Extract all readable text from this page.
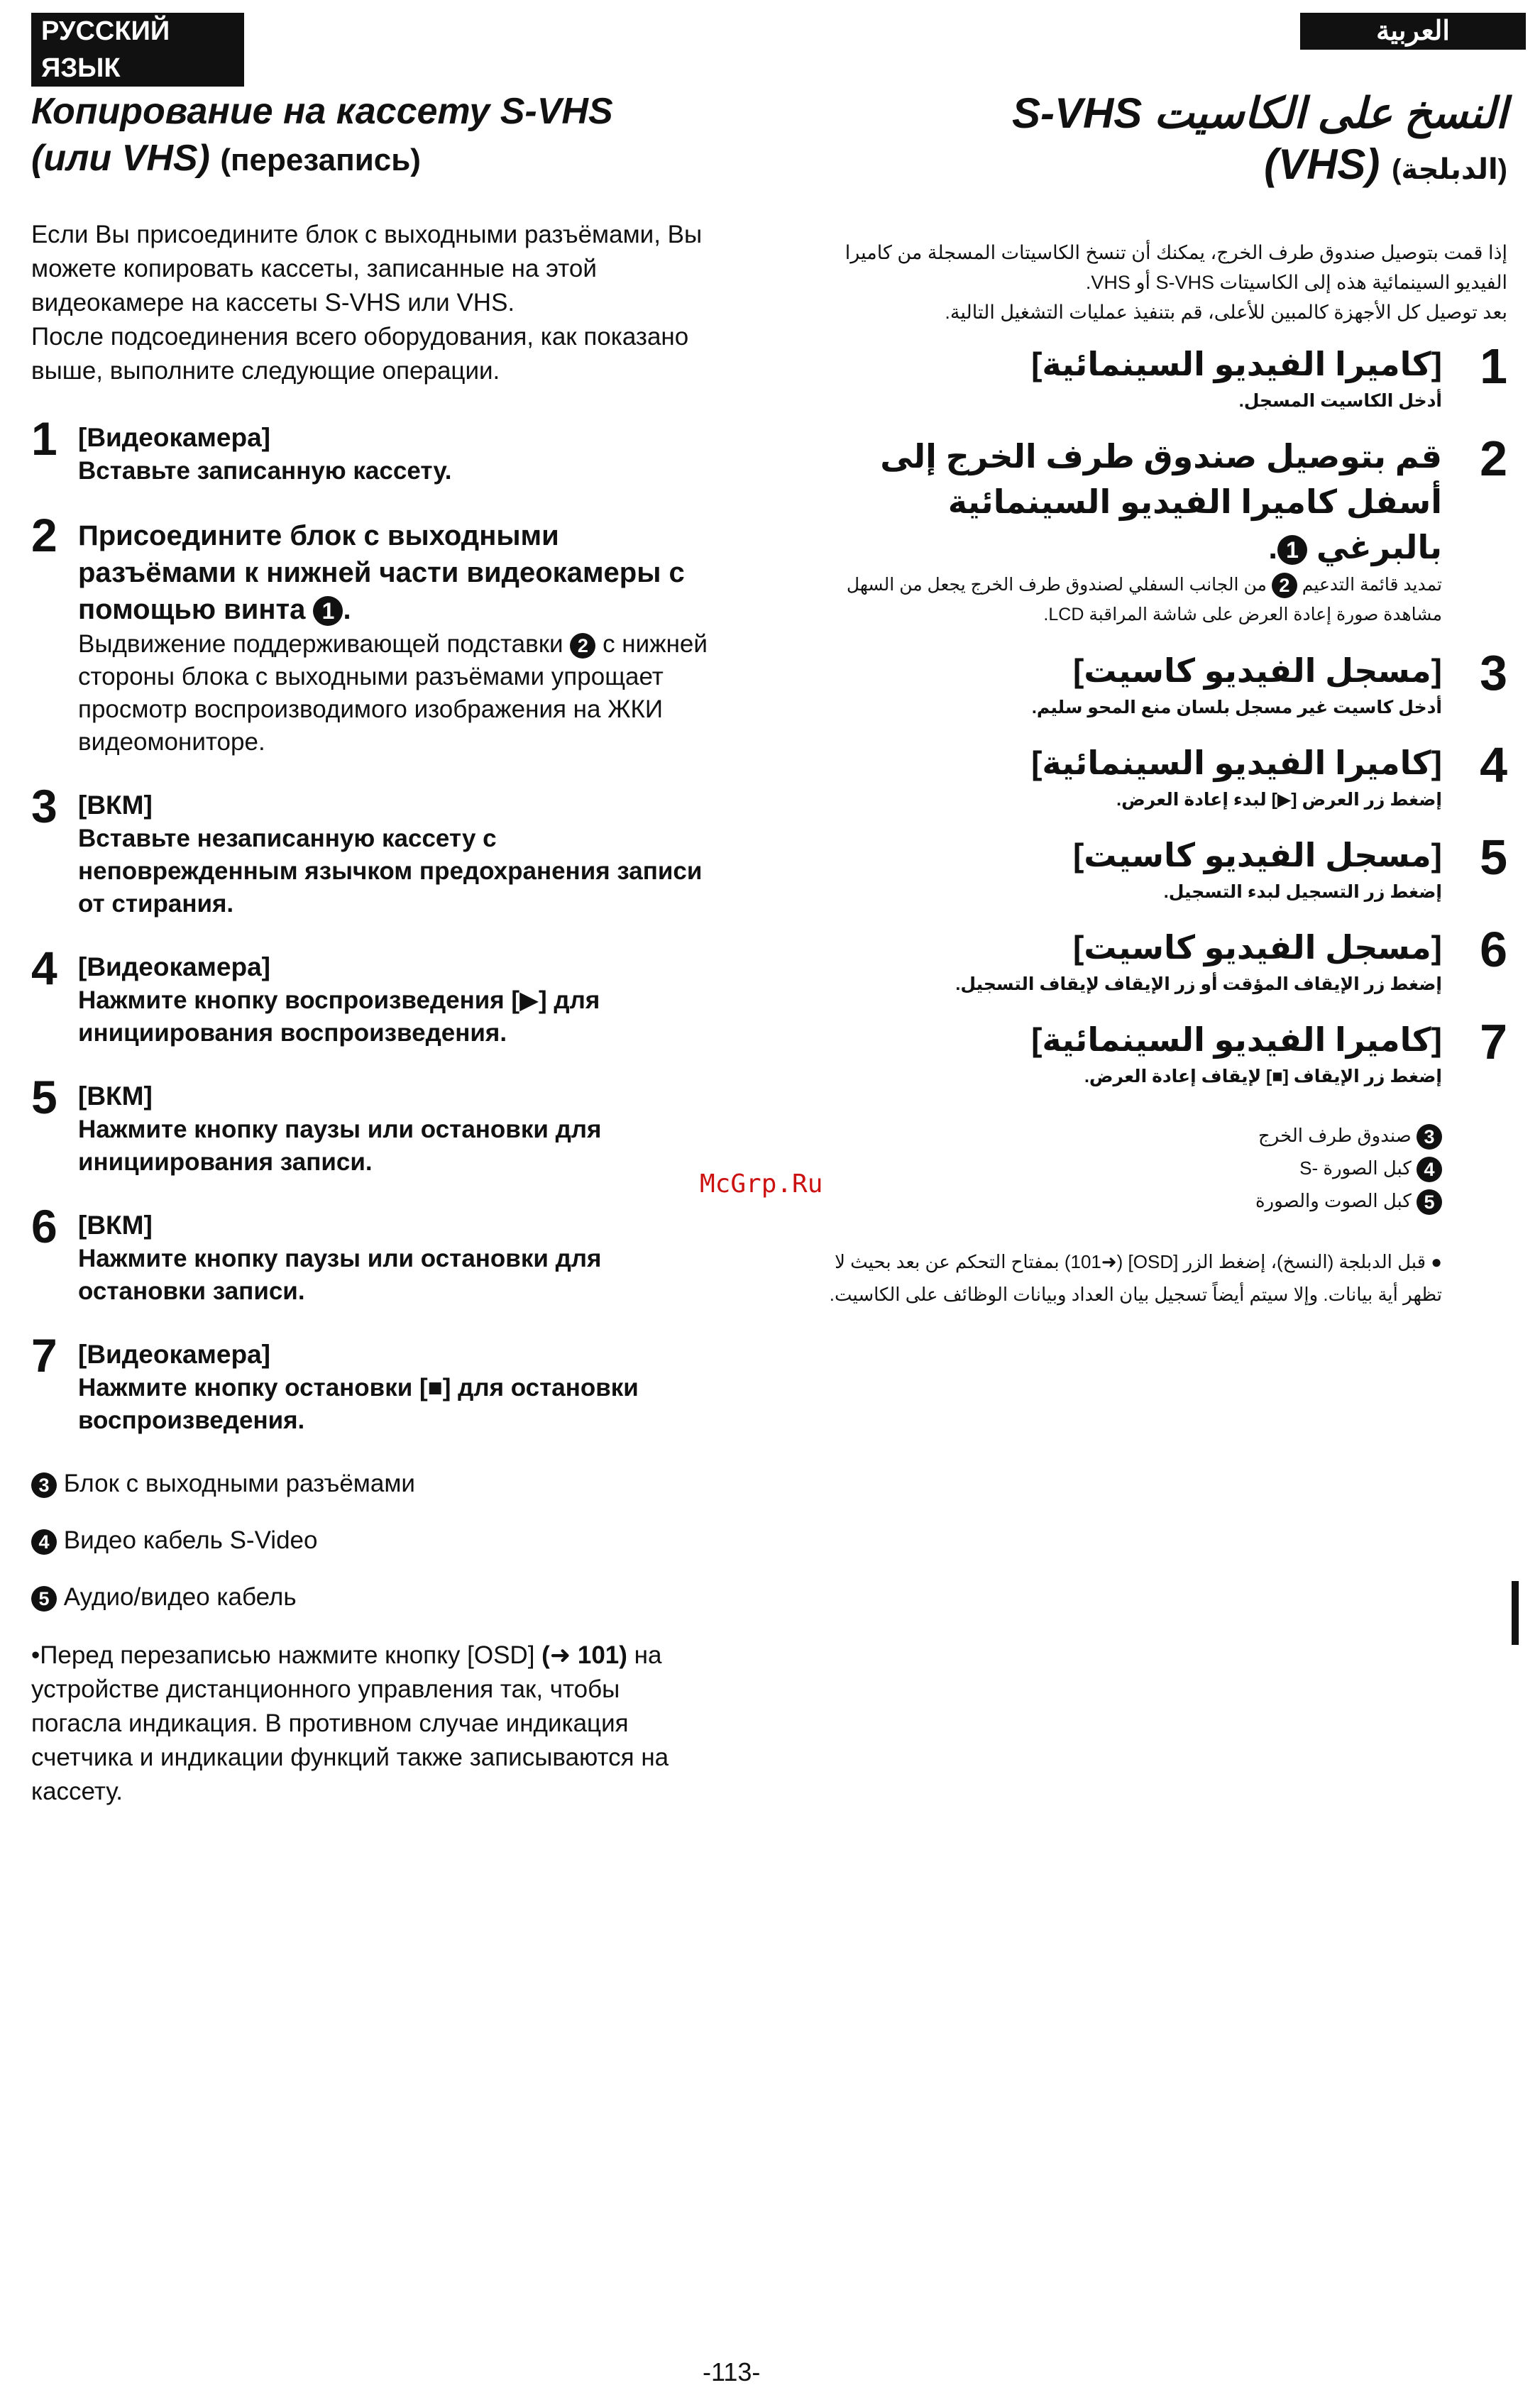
РУССКИЙ ЯЗЫК
العربية
Копирование на кассету S-VHS
(или VHS) (перезапись)

Если Вы присоедините блок с выходными разъёмами, Вы можете копировать кассеты, записанные на этой видеокамере на кассеты S-VHS или VHS.

После подсоединения всего оборудования, как показано выше, выполните следующие операции.

1 [Видеокамера]
Вставьте записанную кассету.
2 Присоедините блок с выходными разъёмами к нижней части видеокамеры с помощью винта 1 .
Выдвижение поддерживающей подставки 2 с нижней стороны блока с выходными разъёмами упрощает просмотр воспроизводимого изображения на ЖКИ видеомониторе.
3 [ВКМ]
Вставьте незаписанную кассету с неповрежденным язычком предохранения записи от стирания.
4 [Видеокамера]
Нажмите кнопку воспроизведения [▶] для инициирования воспроизведения.
5 [ВКМ]
Нажмите кнопку паузы или остановки для инициирования записи.
6 [ВКМ]
Нажмите кнопку паузы или остановки для остановки записи.
7 [Видеокамера]
Нажмите кнопку остановки [■] для остановки воспроизведения.
3 Блок с выходными разъёмами
4 Видео кабель S-Video
5 Аудио/видео кабель
•Перед перезаписью нажмите кнопку [OSD] (➜ 101) на устройстве дистанционного управления так, чтобы погасла индикация. В противном случае индикация счетчика и индикации функций также записываются на кассету.
النسخ على الكاسيت S-VHS
(الدبلجة) (VHS)

إذا قمت بتوصيل صندوق طرف الخرج، يمكنك أن تنسخ الكاسيتات المسجلة من كاميرا الفيديو السينمائية هذه إلى الكاسيتات S-VHS أو VHS.

بعد توصيل كل الأجهزة كالمبين للأعلى، قم بتنفيذ عمليات التشغيل التالية.

1
[كاميرا الفيديو السينمائية]
أدخل الكاسيت المسجل.
2
قم بتوصيل صندوق طرف الخرج إلى أسفل كاميرا الفيديو السينمائية بالبرغي 1.
تمديد قائمة التدعيم 2 من الجانب السفلي لصندوق طرف الخرج يجعل من السهل مشاهدة صورة إعادة العرض على شاشة المراقبة LCD.
3
[مسجل الفيديو كاسيت]
أدخل كاسيت غير مسجل بلسان منع المحو سليم.
4
[كاميرا الفيديو السينمائية]
إضغط زر العرض [▶] لبدء إعادة العرض.
5
[مسجل الفيديو كاسيت]
إضغط زر التسجيل لبدء التسجيل.
6
[مسجل الفيديو كاسيت]
إضغط زر الإيقاف المؤقت أو زر الإيقاف لإيقاف التسجيل.
7
[كاميرا الفيديو السينمائية]
إضغط زر الإيقاف [■] لإيقاف إعادة العرض.
3 صندوق طرف الخرج
4 كبل الصورة -S
5 كبل الصوت والصورة
● قبل الدبلجة (النسخ)، إضغط الزر [OSD] (➜101) بمفتاح التحكم عن بعد بحيث لا تظهر أية بيانات. وإلا سيتم أيضاً تسجيل بيان العداد وبيانات الوظائف على الكاسيت.
McGrp.Ru
-113-
